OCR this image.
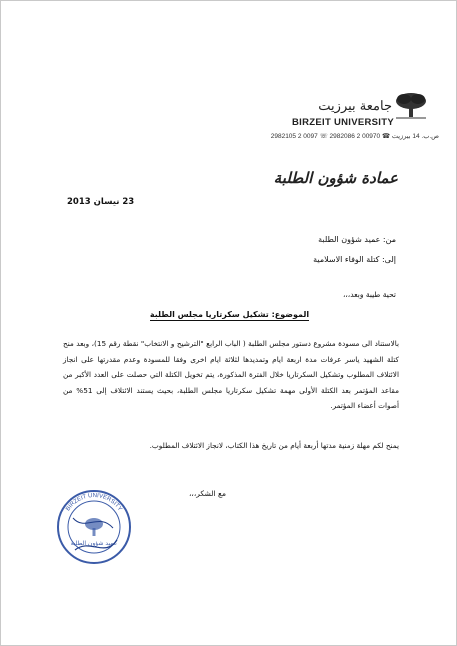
جامعة بيرزيت
BIRZEIT UNIVERSITY
ص.ب. 14 بيرزيت ☎ 00970 2 2982086 ☏ 0097 2 2982105
عمادة شؤون الطلبة
23 نيسان 2013
من: عميد شؤون الطلبة
إلى: كتلة الوفاء الاسلامية
تحية طيبة وبعد،،،
الموضوع: تشكيل سكرتاريا مجلس الطلبة
بالاستناد الى مسودة مشروع دستور مجلس الطلبة ( الباب الرابع "الترشيح و الانتخاب" نقطة رقم 15)، وبعد منح كتلة الشهيد ياسر عرفات مدة اربعة ايام وتمديدها لثلاثة ايام اخرى وفقا للمسودة وعدم مقدرتها على انجاز الائتلاف المطلوب وتشكيل السكرتاريا خلال الفترة المذكورة، يتم تخويل الكتلة التي حصلت على العدد الأكبر من مقاعد المؤتمر بعد الكتلة الأولى مهمة تشكيل سكرتاريا مجلس الطلبة، بحيث يستند الائتلاف إلى 51% من أصوات أعضاء المؤتمر.
يمنح لكم مهلة زمنية مدتها أربعة أيام من تاريخ هذا الكتاب، لانجاز الائتلاف المطلوب.
مع الشكر،،،
BIRZEIT UNIVERSITY
عميد شؤون الطلبة
